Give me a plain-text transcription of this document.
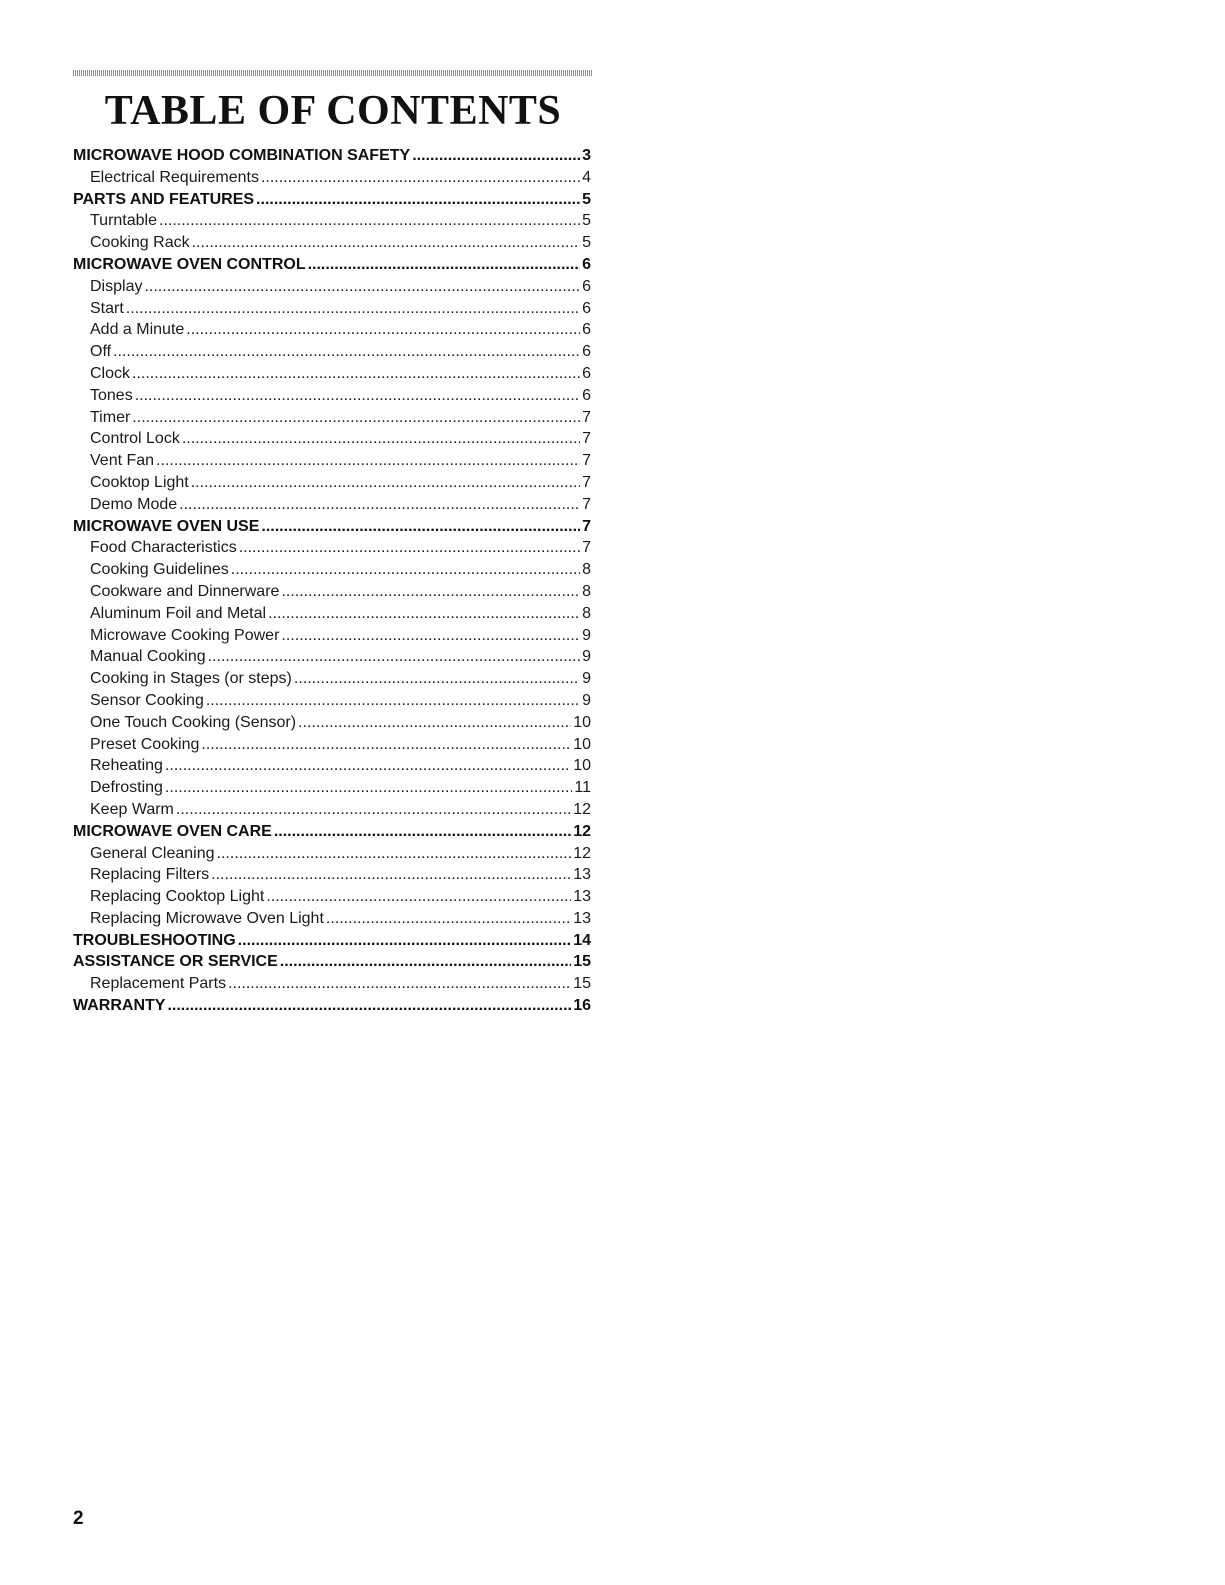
TABLE OF CONTENTS
MICROWAVE HOOD COMBINATION SAFETY .....	3
Electrical Requirements .....	4
PARTS AND FEATURES .....	5
Turntable .....	5
Cooking Rack .....	5
MICROWAVE OVEN CONTROL .....	6
Display .....	6
Start .....	6
Add a Minute .....	6
Off .....	6
Clock .....	6
Tones .....	6
Timer .....	7
Control Lock .....	7
Vent Fan .....	7
Cooktop Light .....	7
Demo Mode .....	7
MICROWAVE OVEN USE .....	7
Food Characteristics .....	7
Cooking Guidelines .....	8
Cookware and Dinnerware .....	8
Aluminum Foil and Metal .....	8
Microwave Cooking Power .....	9
Manual Cooking .....	9
Cooking in Stages (or steps) .....	9
Sensor Cooking .....	9
One Touch Cooking (Sensor) .....	10
Preset Cooking .....	10
Reheating .....	10
Defrosting .....	11
Keep Warm .....	12
MICROWAVE OVEN CARE .....	12
General Cleaning .....	12
Replacing Filters .....	13
Replacing Cooktop Light .....	13
Replacing Microwave Oven Light .....	13
TROUBLESHOOTING .....	14
ASSISTANCE OR SERVICE .....	15
Replacement Parts .....	15
WARRANTY .....	16
2
